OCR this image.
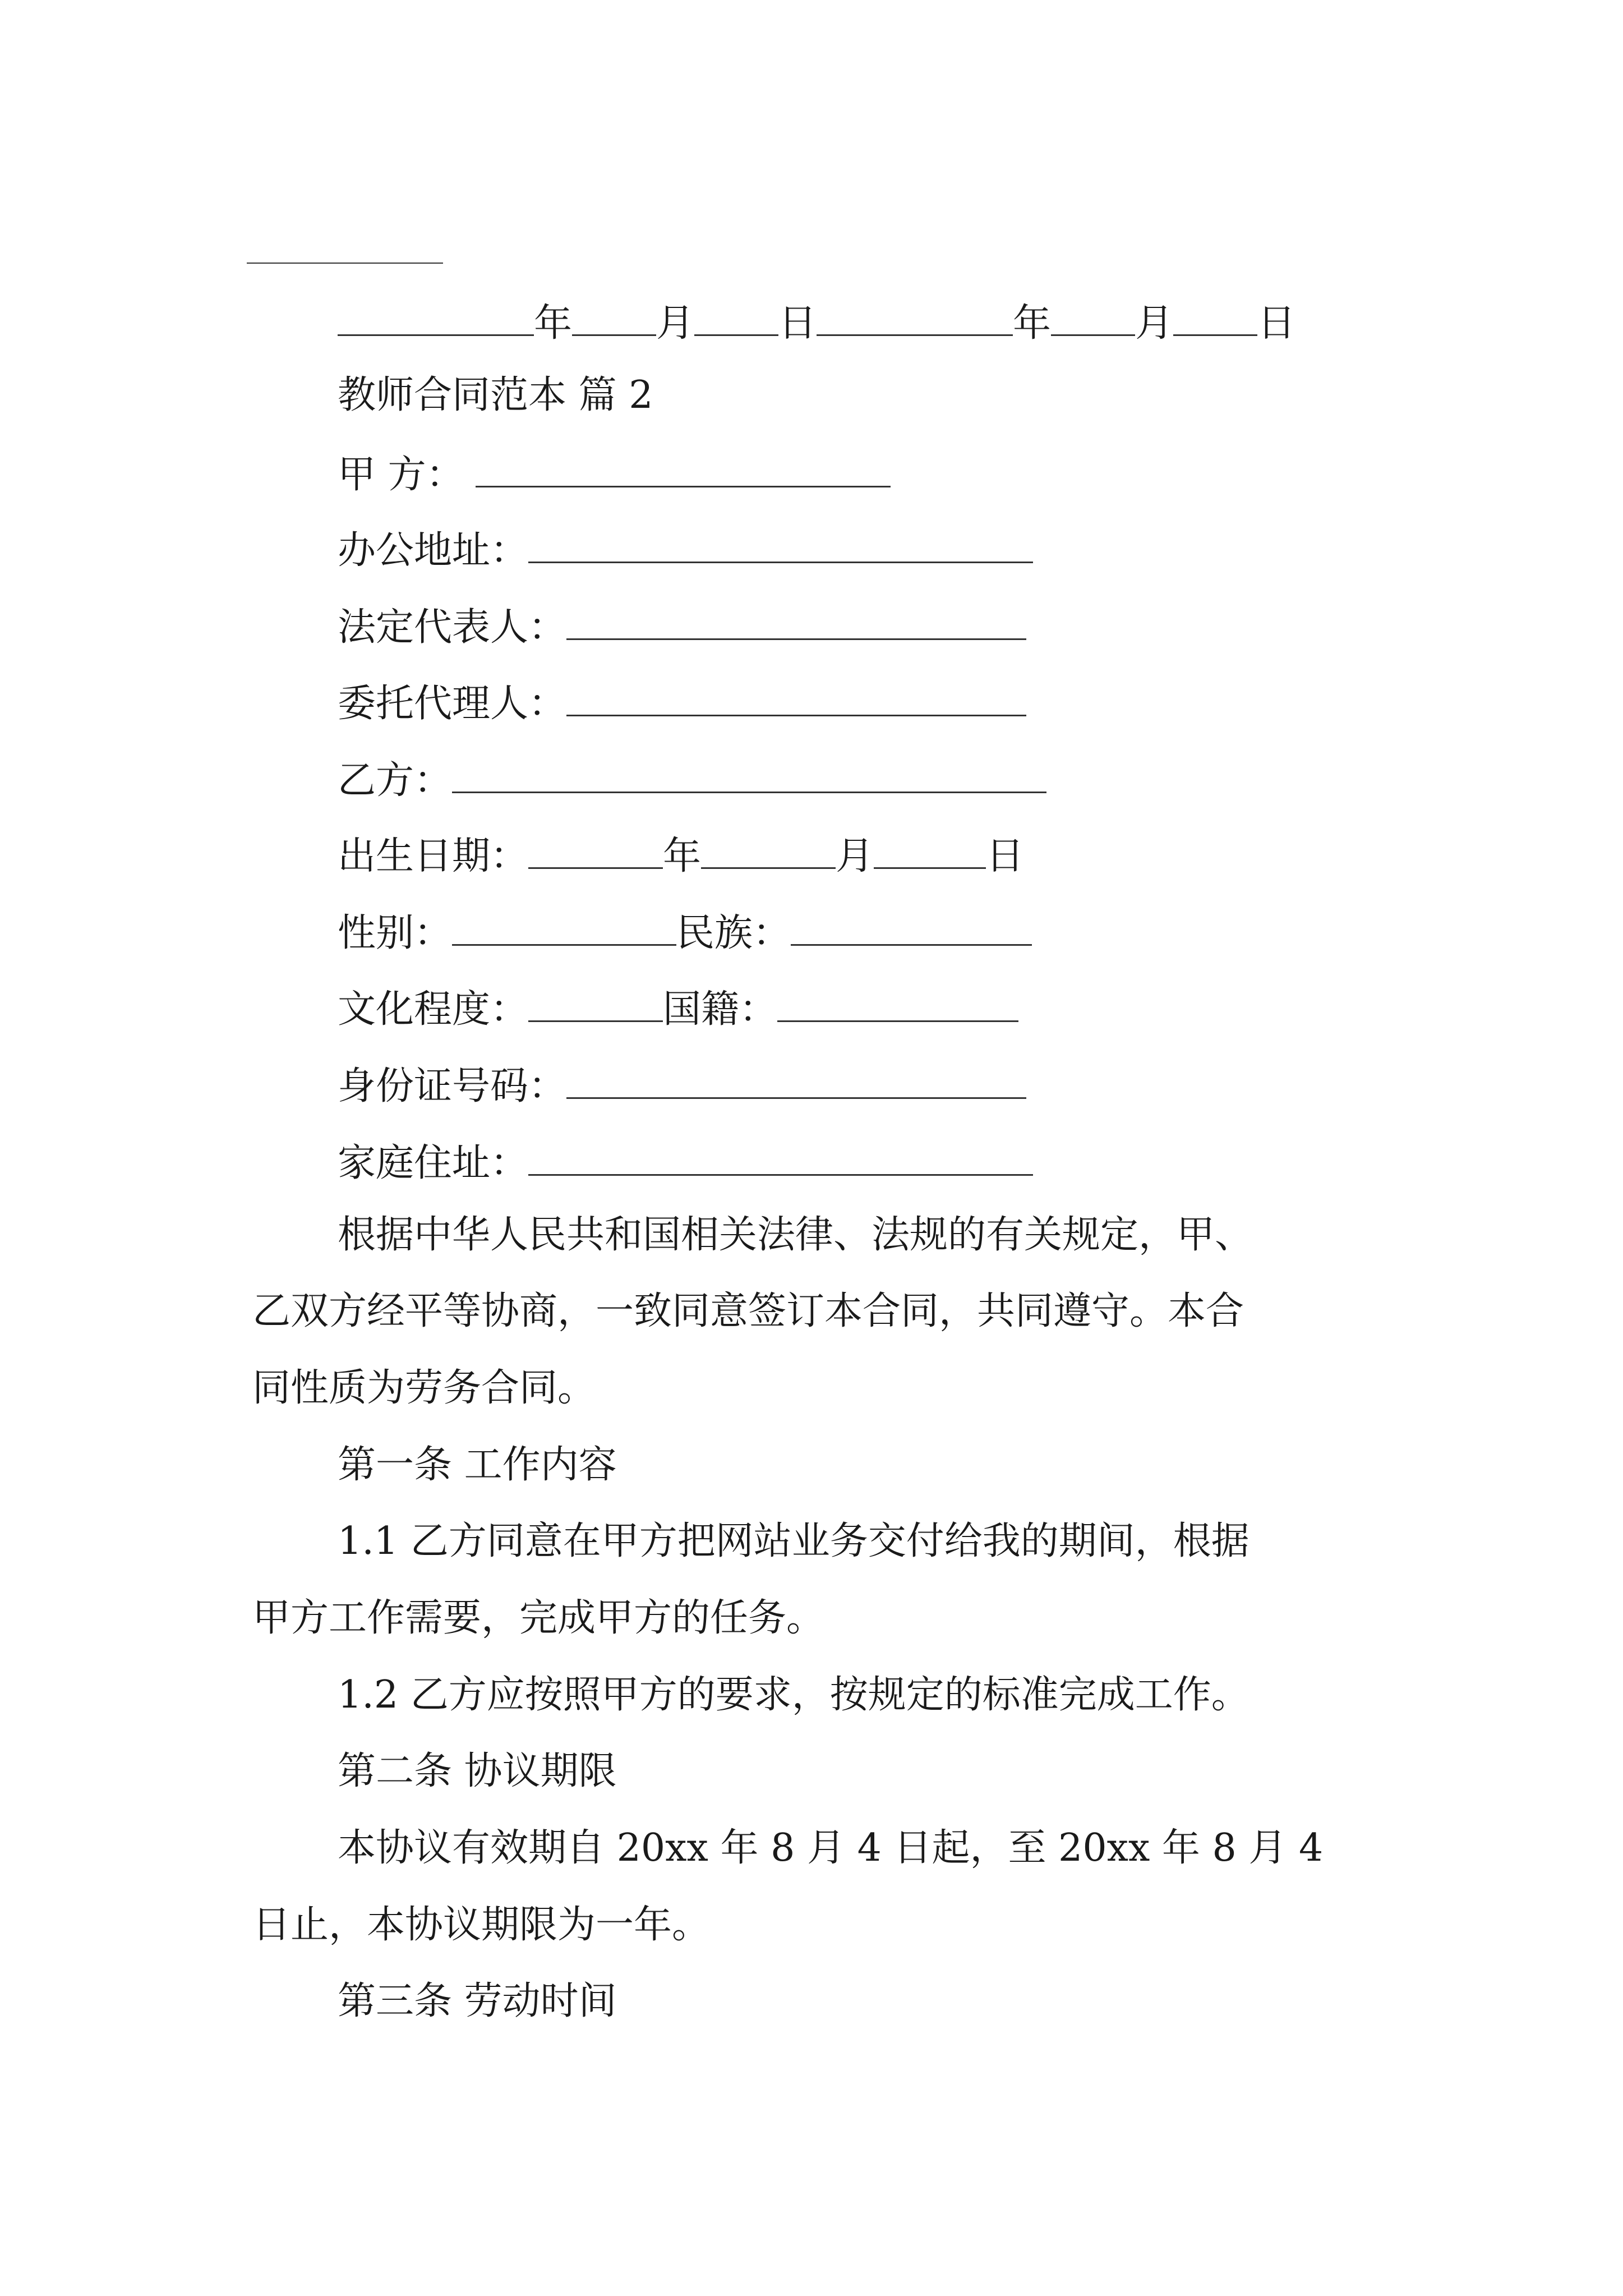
年 月 日	年 月 日
教师合同范本 篇 2
甲 方：
办公地址：
法定代表人：
委托代理人：
乙方：
出生日期：	年	月	日
性别：	民族：
文化程度：	国籍：
身份证号码：
家庭住址：
根据中华人民共和国相关法律、法规的有关规定，甲、
乙双方经平等协商，一致同意签订本合同，共同遵守。本合
同性质为劳务合同。
第一条 工作内容
1.1 乙方同意在甲方把网站业务交付给我的期间，根据
甲方工作需要，完成甲方的任务。
1.2 乙方应按照甲方的要求，按规定的标准完成工作。
第二条 协议期限
本协议有效期自 20xx 年 8 月 4 日起，至 20xx 年 8 月 4
日止，本协议期限为一年。
第三条 劳动时间
